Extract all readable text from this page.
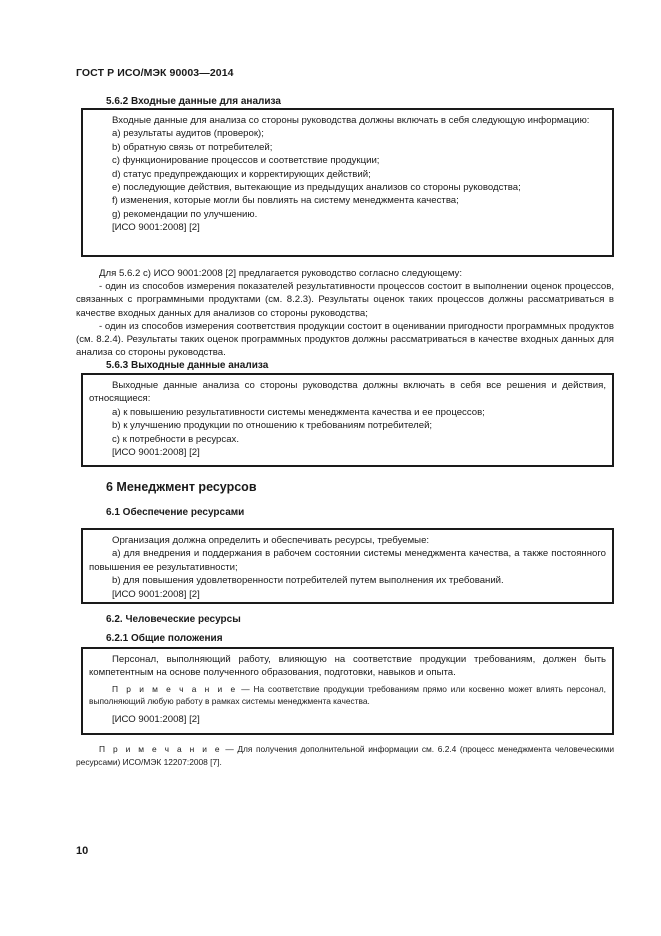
ГОСТ Р ИСО/МЭК 90003—2014
5.6.2 Входные данные для анализа

Входные данные для анализа со стороны руководства должны включать в себя следующую информацию:

а) результаты аудитов (проверок);

b) обратную связь от потребителей;

с) функционирование процессов и соответствие продукции;

d) статус предупреждающих и корректирующих действий;

е) последующие действия, вытекающие из предыдущих анализов со стороны руководства;

f) изменения, которые могли бы повлиять на систему менеджмента качества;

g) рекомендации по улучшению.

[ИСО 9001:2008] [2]

Для 5.6.2 с) ИСО 9001:2008 [2] предлагается руководство согласно следующему:

- один из способов измерения показателей результативности процессов состоит в выполнении оценок процессов, связанных с программными продуктами (см. 8.2.3). Результаты оценок таких процессов должны рассматриваться в качестве входных данных для анализов со стороны руководства;

- один из способов измерения соответствия продукции состоит в оценивании пригодности программных продуктов (см. 8.2.4). Результаты таких оценок программных продуктов должны рассматриваться в качестве входных данных для анализа со стороны руководства.

5.6.3 Выходные данные анализа

Выходные данные анализа со стороны руководства должны включать в себя все решения и действия, относящиеся:

а) к повышению результативности системы менеджмента качества и ее процессов;

b) к улучшению продукции по отношению к требованиям потребителей;

с) к потребности в ресурсах.

[ИСО 9001:2008] [2]

6 Менеджмент ресурсов
6.1 Обеспечение ресурсами

Организация должна определить и обеспечивать ресурсы, требуемые:

а) для внедрения и поддержания в рабочем состоянии системы менеджмента качества, а также постоянного повышения ее результативности;

b) для повышения удовлетворенности потребителей путем выполнения их требований.

[ИСО 9001:2008] [2]

6.2. Человеческие ресурсы
6.2.1 Общие положения

Персонал, выполняющий работу, влияющую на соответствие продукции требованиям, должен быть компетентным на основе полученного образования, подготовки, навыков и опыта.

П р и м е ч а н и е — На соответствие продукции требованиям прямо или косвенно может влиять персонал, выполняющий любую работу в рамках системы менеджмента качества.

[ИСО 9001:2008] [2]

П р и м е ч а н и е — Для получения дополнительной информации см. 6.2.4 (процесс менеджмента человеческими ресурсами) ИСО/МЭК 12207:2008 [7].

10
